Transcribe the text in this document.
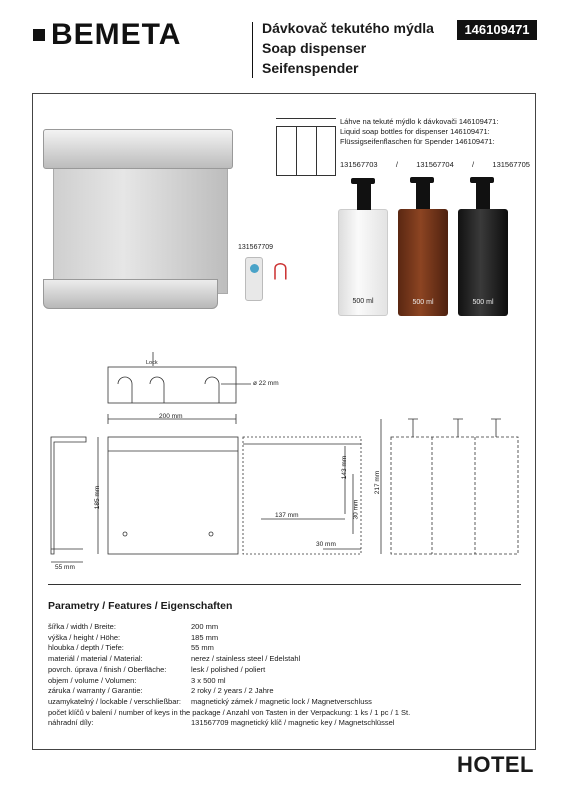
BEMETA	Dávkovač tekutého mýdla
Soap dispenser
Seifenspender
146109471
131567709
⋂
Láhve na tekuté mýdlo k dávkovači 146109471:
Liquid soap bottles for dispenser 146109471:
Flüssigseifenflaschen für Spender 146109471:
131567703 / 131567704 / 131567705
500 ml	500 ml	500 ml
Lock
ø 22 mm
200 mm
185 mm
55 mm
143 mm
137 mm	30 mm
30 mm
217 mm
Parametry / Features / Eigenschaften
šířka / width / Breite:	200 mm
výška / height / Höhe:	185 mm
hloubka / depth / Tiefe:	55 mm
materiál / material / Material:	nerez / stainless steel / Edelstahl
povrch. úprava / finish / Oberfläche:	lesk / polished / poliert
objem / volume / Volumen:	3 x 500 ml
záruka / warranty / Garantie:	2 roky / 2 years / 2 Jahre
uzamykatelný / lockable / verschließbar: magnetický zámek / magnetic lock / Magnetverschluss
počet klíčů v balení / number of keys in the package / Anzahl von Tasten in der Verpackung: 1 ks / 1 pc / 1 St.
náhradní díly:	131567709 magnetický klíč / magnetic key / Magnetschlüssel
HOTEL
